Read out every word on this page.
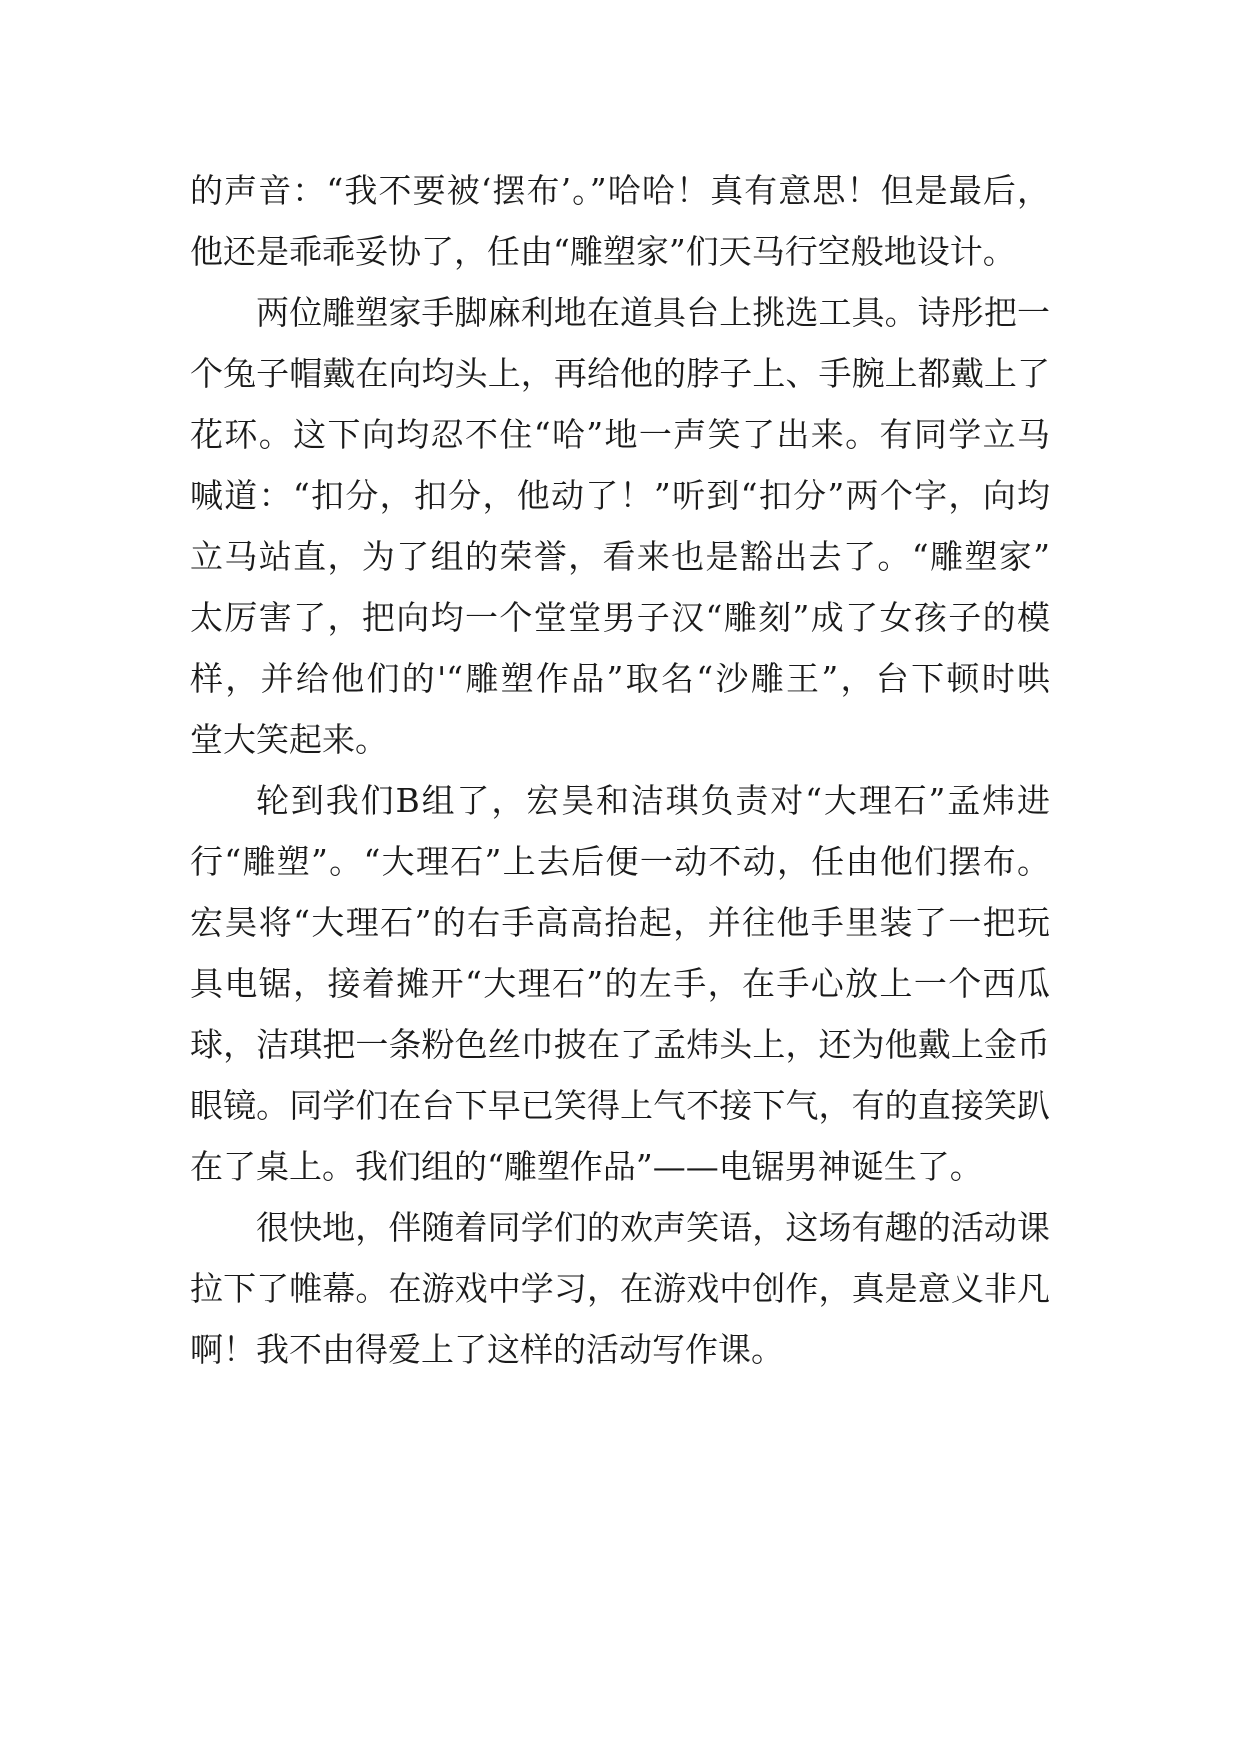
的声音：“我不要被‘摆布’。”哈哈！真有意思！但是最后，
他还是乖乖妥协了，任由“雕塑家”们天马行空般地设计。
两位雕塑家手脚麻利地在道具台上挑选工具。诗彤把一
个兔子帽戴在向均头上，再给他的脖子上、手腕上都戴上了
花环。这下向均忍不住“哈”地一声笑了出来。有同学立马
喊道：“扣分，扣分，他动了！”听到“扣分”两个字，向均
立马站直，为了组的荣誉，看来也是豁出去了。“雕塑家”
太厉害了，把向均一个堂堂男子汉“雕刻”成了女孩子的模
样，并给他们的'“雕塑作品”取名“沙雕王”，台下顿时哄
堂大笑起来。
轮到我们B组了，宏昊和洁琪负责对“大理石”孟炜进
行“雕塑”。“大理石”上去后便一动不动，任由他们摆布。
宏昊将“大理石”的右手高高抬起，并往他手里装了一把玩
具电锯，接着摊开“大理石”的左手，在手心放上一个西瓜
球，洁琪把一条粉色丝巾披在了孟炜头上，还为他戴上金币
眼镜。同学们在台下早已笑得上气不接下气，有的直接笑趴
在了桌上。我们组的“雕塑作品”——电锯男神诞生了。
很快地，伴随着同学们的欢声笑语，这场有趣的活动课
拉下了帷幕。在游戏中学习，在游戏中创作，真是意义非凡
啊！我不由得爱上了这样的活动写作课。
